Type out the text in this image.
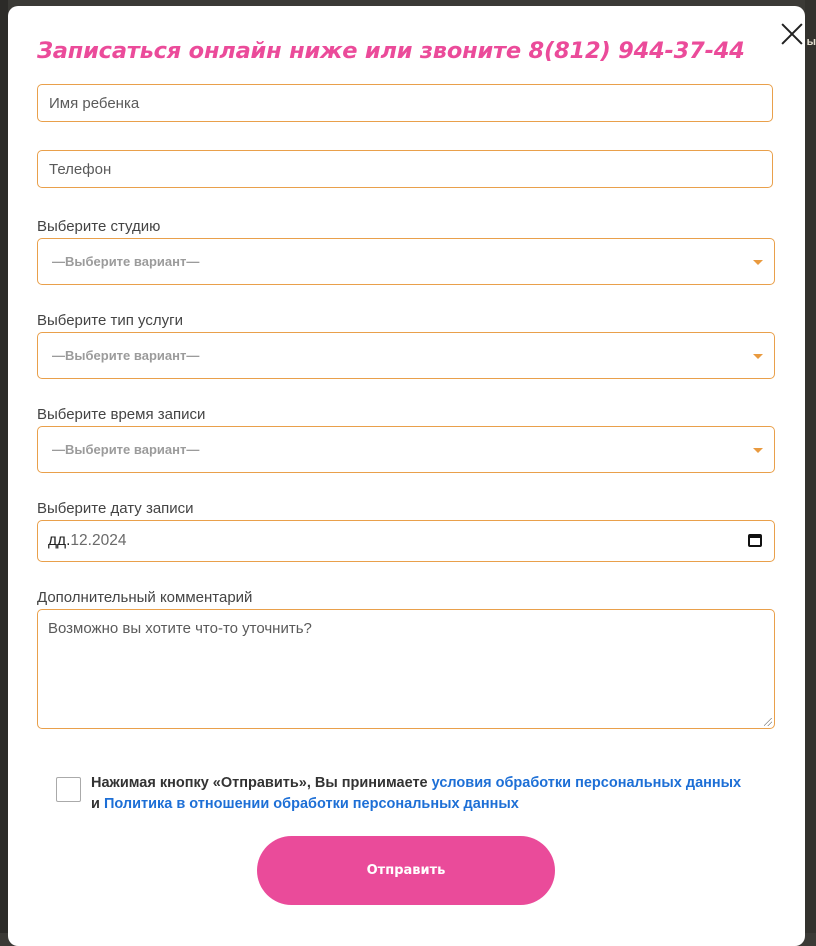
ы
Записаться онлайн ниже или звоните 8(812) 944-37-44
Имя ребенка
Телефон
Выберите студию
—Выберите вариант—
Выберите тип услуги
—Выберите вариант—
Выберите время записи
—Выберите вариант—
Выберите дату записи
дд. 12.2024
Дополнительный комментарий
Возможно вы хотите что-то уточнить?
Нажимая кнопку «Отправить», Вы принимаете условия обработки персональных данных и Политика в отношении обработки персональных данных
Отправить
